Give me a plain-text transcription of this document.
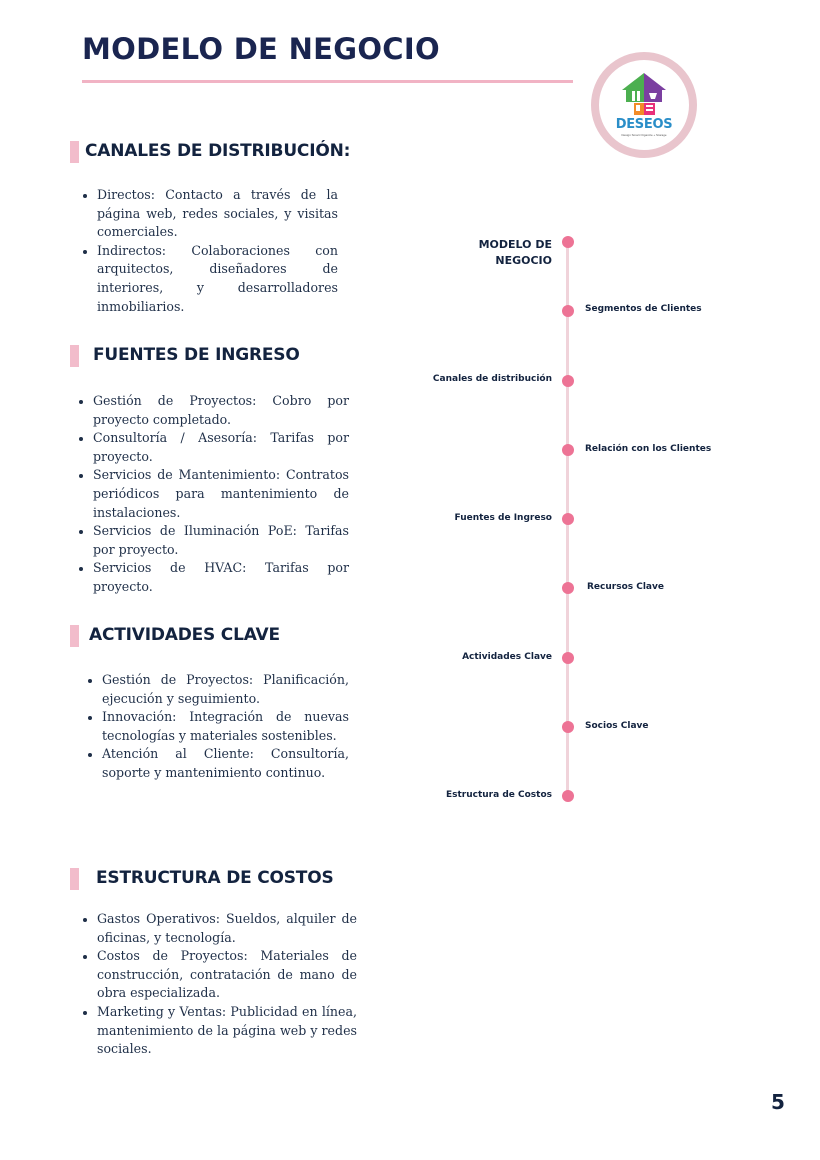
MODELO DE NEGOCIO
DESEOS
Design Smart Organize + Storage
CANALES DE DISTRIBUCIÓN:
Directos: Contacto a través de la página web, redes sociales, y visitas comerciales.
Indirectos: Colaboraciones con arquitectos, diseñadores de interiores, y desarrolladores inmobiliarios.
FUENTES DE INGRESO
Gestión de Proyectos: Cobro por proyecto completado.
Consultoría / Asesoría: Tarifas por proyecto.
Servicios de Mantenimiento: Contratos periódicos para mantenimiento de instalaciones.
Servicios de Iluminación PoE: Tarifas por proyecto.
Servicios de HVAC: Tarifas por proyecto.
ACTIVIDADES CLAVE
Gestión de Proyectos: Planificación, ejecución y seguimiento.
Innovación: Integración de nuevas tecnologías y materiales sostenibles.
Atención al Cliente: Consultoría, soporte y mantenimiento continuo.
ESTRUCTURA DE COSTOS
Gastos Operativos: Sueldos, alquiler de oficinas, y tecnología.
Costos de Proyectos: Materiales de construcción, contratación de mano de obra especializada.
Marketing y Ventas: Publicidad en línea, mantenimiento de la página web y redes sociales.
MODELO DE
NEGOCIO
Segmentos de Clientes
Canales de distribución
Relación con los Clientes
Fuentes de Ingreso
Recursos Clave
Actividades Clave
Socios Clave
Estructura de Costos
5
